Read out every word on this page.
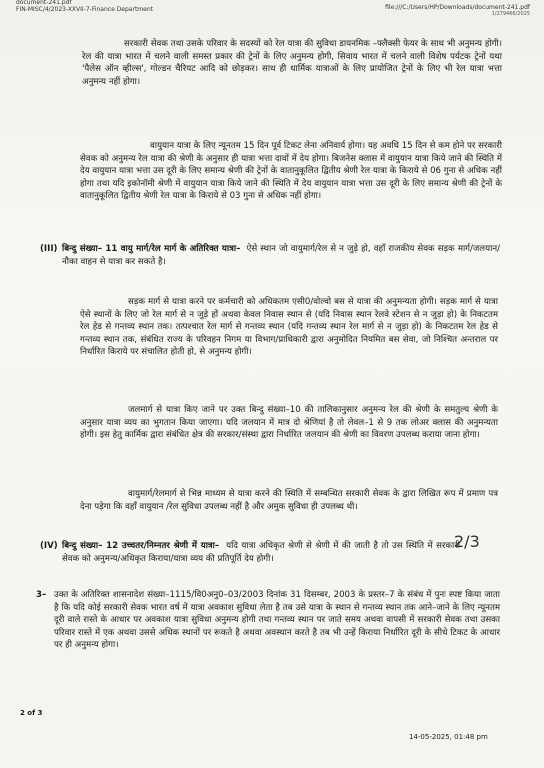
document-241.pdf
FIN-MISC/4/2023-XXVII-7-Finance Department	file:///C:/Users/HP/Downloads/document-241.pdf
1/279466/2025
सरकारी सेवक तथा उसके परिवार के सदस्यों को रेल यात्रा की सुविधा डायनमिक –फ्लैक्सी फेयर के साथ भी अनुमन्य होगी। रेल की यात्रा भारत में चलने वाली समस्त प्रकार की ट्रेनों के लिए अनुमन्य होगी, सिवाय भारत में चलने वाली विशेष पर्यटक ट्रेनों यथा 'पैलेस ऑन व्हील्स', गोल्डन चैरियट आदि को छोड़कर। साथ ही धार्मिक यात्राओं के लिए प्रायोजित ट्रेनों के लिए भी रेल यात्रा भत्ता अनुमन्य नहीं होगा।
वायुयान यात्रा के लिए न्यूनतम 15 दिन पूर्व टिकट लेना अनिवार्य होगा। यह अवधि 15 दिन से कम होने पर सरकारी सेवक को अनुमन्य रेल यात्रा की श्रेणी के अनुसार ही यात्रा भत्ता दावों में देय होगा। बिजनेस क्लास में वायुयान यात्रा किये जाने की स्थिति में देय वायुयान यात्रा भत्ता उस दूरी के लिए समान्य श्रेणी की ट्रेनों के वातानुकूलित द्वितीय श्रेणी रेल यात्रा के किराये से 06 गुना से अधिक नहीं होगा तथा यदि इकोनॉमी श्रेणी में वायुयान यात्रा किये जाने की स्थिति में देय वायुयान यात्रा भत्ता उस दूरी के लिए समान्य श्रेणी की ट्रेनों के वातानुकूलित द्वितीय श्रेणी रेल यात्रा के किराये से 03 गुना से अधिक नहीं होगा।
(III) बिन्दु संख्या– 11 वायु मार्ग/रेल मार्ग के अतिरिक्त यात्रा– ऐसे स्थान जो वायुमार्ग/रेल से न जुड़े हो, वहाँ राजकीय सेवक सड़क मार्ग/जलयान/नौका वाहन से यात्रा कर सकते है।
सड़क मार्ग से यात्रा करने पर कर्मचारी को अधिकतम एसी0/वोल्वो बस से यात्रा की अनुमन्यता होगी। सड़क मार्ग से यात्रा ऐसे स्थानों के लिए जो रेल मार्ग से न जुड़े हों अथवा केवल निवास स्थान से (यदि निवास स्थान रेलवे स्टेशन से न जुड़ा हो) के निकटतम रेल हेड से गन्तव्य स्थान तक। तत्पश्चात रेल मार्ग से गन्तव्य स्थान (यदि गन्तव्य स्थान रेल मार्ग से न जुड़ा हो) के निकटतम रेल हेड से गन्तव्य स्थान तक, संबंधित राज्य के परिवहन निगम या विभाग/प्राधिकारी द्वारा अनुमोदित नियमित बस सेवा, जो निश्चित अन्तराल पर निर्धारित किराये पर संचालित होती हो, से अनुमन्य होगी।
जलमार्ग से यात्रा किए जाने पर उक्त बिन्दु संख्या–10 की तालिकानुसार अनुमन्य रेल की श्रेणी के समतुल्य श्रेणी के अनुसार यात्रा व्यय का भुगतान किया जाएगा। यदि जलयान में मात्र दो श्रेणियां है तो लेवल–1 से 9 तक लोअर क्लास की अनुमन्यता होगी। इस हेतु कार्मिक द्वारा संबंधित क्षेत्र की सरकार/संस्था द्वारा निर्धारित जलयान की श्रेणी का विवरण उपलब्ध कराया जाना होगा।
वायुमार्ग/रेलमार्ग से भिन्न माध्यम से यात्रा करने की स्थिति में सम्बन्धित सरकारी सेवक के द्वारा लिखित रूप में प्रमाण पत्र देना पड़ेगा कि वहाँ वायुयान /रेल सुविधा उपलब्ध नहीं है और अमुक सुविधा ही उपलब्ध थी।
(IV) बिन्दु संख्या– 12 उच्चतर/निम्नतर श्रेणी में यात्रा– यदि यात्रा अधिकृत श्रेणी से श्रेणी में की जाती है तो उस स्थिति में सरकारी सेवक को अनुमन्य/अधिकृत किराया/यात्रा व्यय की प्रतिपूर्ति देय होगी।
2/3
3– उक्त के अतिरिक्त शासनादेश संख्या–1115/वि0अनु0–03/2003 दिनांक 31 दिसम्बर, 2003 के प्रस्तर–7 के संबंध में पुनः स्पष्ट किया जाता है कि यदि कोई सरकारी सेवक भारत वर्ष में यात्रा अवकाश सुविधा लेता है तब उसे यात्रा के स्थान से गन्तव्य स्थान तक आने–जाने के लिए न्यूनतम दूरी वाले रास्ते के आधार पर अवकाश यात्रा सुविधा अनुमन्य होगी तथा गन्तव्य स्थान पर जाते समय अथवा वापसी में सरकारी सेवक तथा उसका परिवार रास्ते में एक अथवा उससे अधिक स्थानों पर रूकते है अथवा अवस्थान करते है तब भी उन्हें किराया निर्धारित दूरी के सीधे टिकट के आधार पर ही अनुमन्य होगा।
2 of 3
14-05-2025, 01:48 pm
